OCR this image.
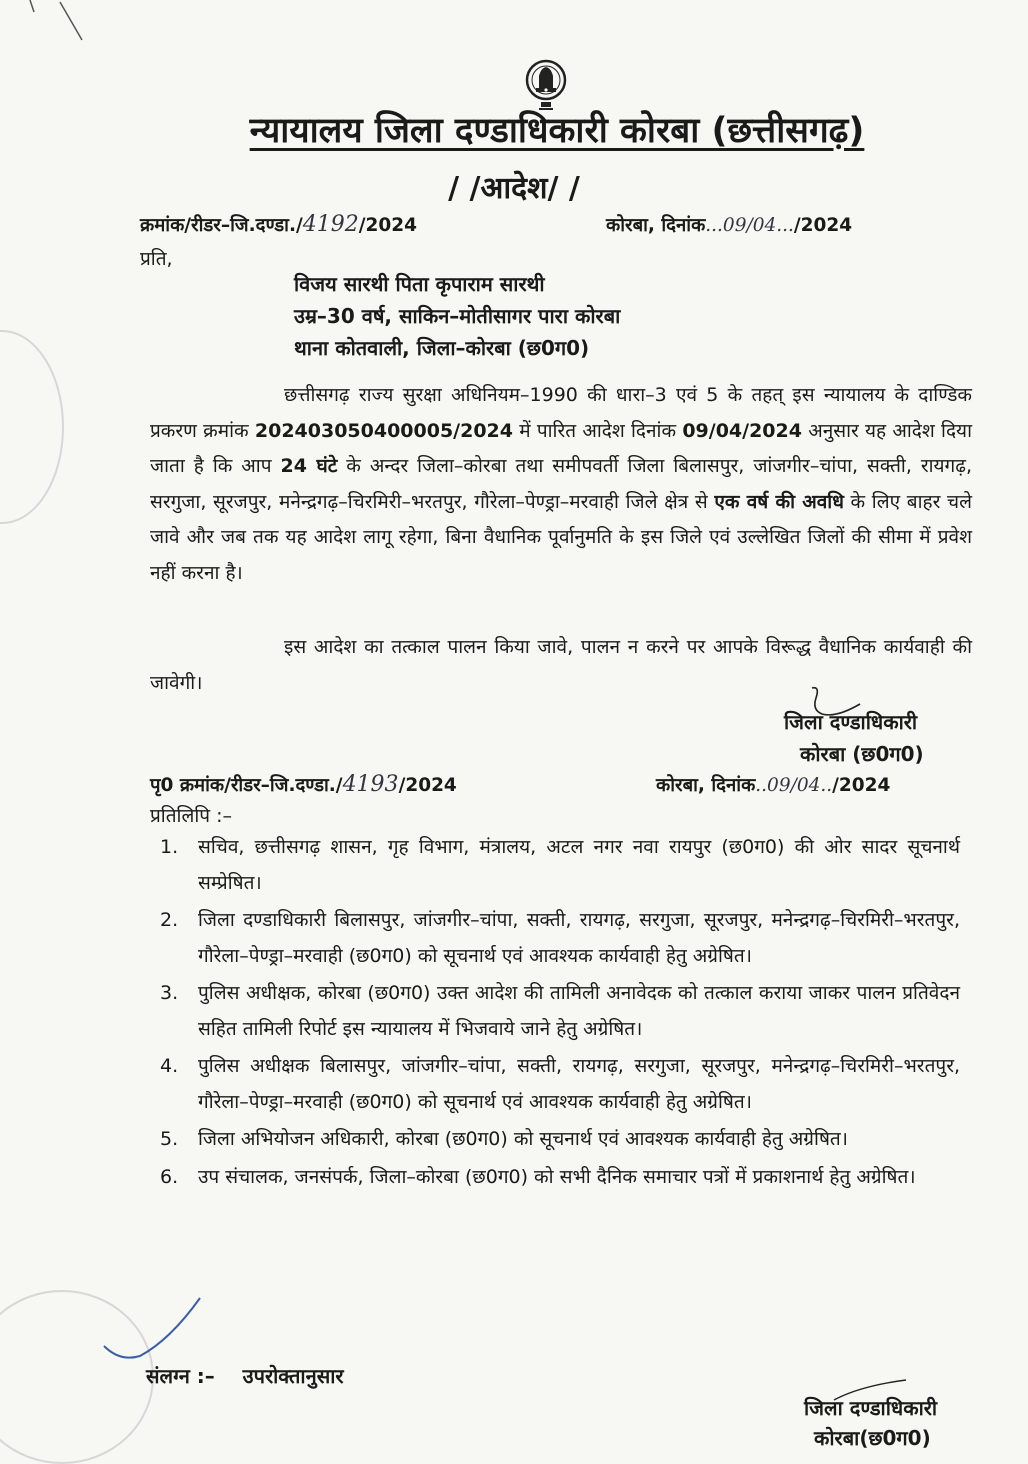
न्यायालय जिला दण्डाधिकारी कोरबा (छत्तीसगढ़)
/ /आदेश/ /
क्रमांक/रीडर–जि.दण्डा./4192/2024	कोरबा, दिनांक...09/04.../2024
प्रति,
विजय सारथी पिता कृपाराम सारथी
उम्र–30 वर्ष, साकिन–मोतीसागर पारा कोरबा
थाना कोतवाली, जिला–कोरबा (छ0ग0)
छत्तीसगढ़ राज्य सुरक्षा अधिनियम–1990 की धारा–3 एवं 5 के तहत् इस न्यायालय के दाण्डिक प्रकरण क्रमांक 202403050400005/2024 में पारित आदेश दिनांक 09/04/2024 अनुसार यह आदेश दिया जाता है कि आप 24 घंटे के अन्दर जिला–कोरबा तथा समीपवर्ती जिला बिलासपुर, जांजगीर–चांपा, सक्ती, रायगढ़, सरगुजा, सूरजपुर, मनेन्द्रगढ़–चिरमिरी–भरतपुर, गौरेला–पेण्ड्रा–मरवाही जिले क्षेत्र से एक वर्ष की अवधि के लिए बाहर चले जावे और जब तक यह आदेश लागू रहेगा, बिना वैधानिक पूर्वानुमति के इस जिले एवं उल्लेखित जिलों की सीमा में प्रवेश नहीं करना है।
इस आदेश का तत्काल पालन किया जावे, पालन न करने पर आपके विरूद्ध वैधानिक कार्यवाही की जावेगी।
जिला दण्डाधिकारी
कोरबा (छ0ग0)
पृ0 क्रमांक/रीडर–जि.दण्डा./4193/2024	कोरबा, दिनांक..09/04../2024
प्रतिलिपि :–
1. सचिव, छत्तीसगढ़ शासन, गृह विभाग, मंत्रालय, अटल नगर नवा रायपुर (छ0ग0) की ओर सादर सूचनार्थ सम्प्रेषित।
2. जिला दण्डाधिकारी बिलासपुर, जांजगीर–चांपा, सक्ती, रायगढ़, सरगुजा, सूरजपुर, मनेन्द्रगढ़–चिरमिरी–भरतपुर, गौरेला–पेण्ड्रा–मरवाही (छ0ग0) को सूचनार्थ एवं आवश्यक कार्यवाही हेतु अग्रेषित।
3. पुलिस अधीक्षक, कोरबा (छ0ग0) उक्त आदेश की तामिली अनावेदक को तत्काल कराया जाकर पालन प्रतिवेदन सहित तामिली रिपोर्ट इस न्यायालय में भिजवाये जाने हेतु अग्रेषित।
4. पुलिस अधीक्षक बिलासपुर, जांजगीर–चांपा, सक्ती, रायगढ़, सरगुजा, सूरजपुर, मनेन्द्रगढ़–चिरमिरी–भरतपुर, गौरेला–पेण्ड्रा–मरवाही (छ0ग0) को सूचनार्थ एवं आवश्यक कार्यवाही हेतु अग्रेषित।
5. जिला अभियोजन अधिकारी, कोरबा (छ0ग0) को सूचनार्थ एवं आवश्यक कार्यवाही हेतु अग्रेषित।
6. उप संचालक, जनसंपर्क, जिला–कोरबा (छ0ग0) को सभी दैनिक समाचार पत्रों में प्रकाशनार्थ हेतु अग्रेषित।
संलग्न :– उपरोक्तानुसार
जिला दण्डाधिकारी
कोरबा(छ0ग0)
